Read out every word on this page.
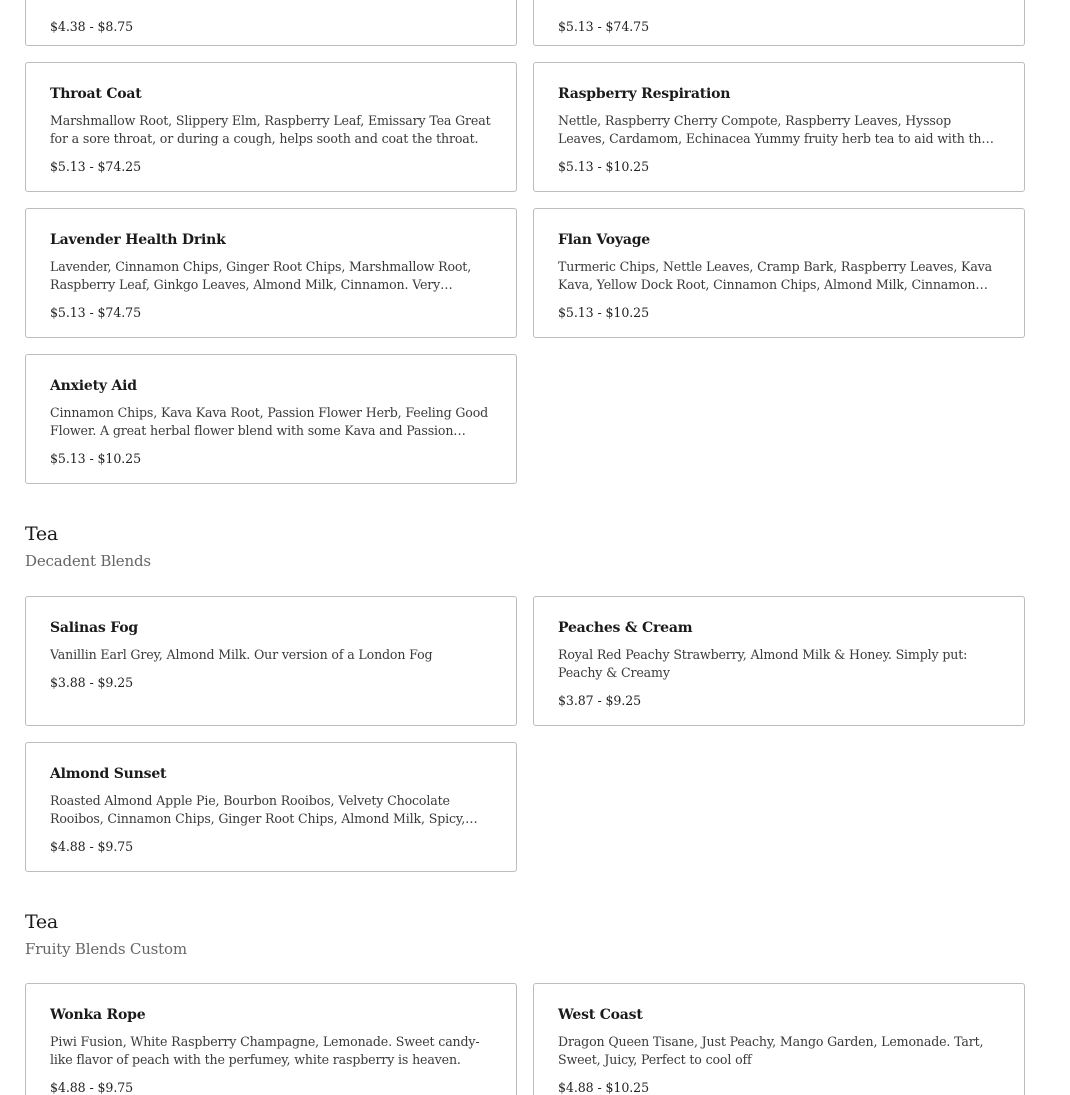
$4.38 - $8.75	$5.13 - $74.75
Throat Coat
Marshmallow Root, Slippery Elm, Raspberry Leaf, Emissary Tea Great for a sore throat, or during a cough, helps sooth and coat the throat.
$5.13 - $74.25
Raspberry Respiration
Nettle, Raspberry Cherry Compote, Raspberry Leaves, Hyssop Leaves, Cardamom, Echinacea Yummy fruity herb tea to aid with the
$5.13 - $10.25
Lavender Health Drink
Lavender, Cinnamon Chips, Ginger Root Chips, Marshmallow Root, Raspberry Leaf, Ginkgo Leaves, Almond Milk, Cinnamon. Very
$5.13 - $74.75
Flan Voyage
Turmeric Chips, Nettle Leaves, Cramp Bark, Raspberry Leaves, Kava Kava, Yellow Dock Root, Cinnamon Chips, Almond Milk, Cinnamon
$5.13 - $10.25
Anxiety Aid
Cinnamon Chips, Kava Kava Root, Passion Flower Herb, Feeling Good Flower. A great herbal flower blend with some Kava and Passion
$5.13 - $10.25
Tea
Decadent Blends
Salinas Fog
Vanillin Earl Grey, Almond Milk. Our version of a London Fog
$3.88 - $9.25
Peaches & Cream
Royal Red Peachy Strawberry, Almond Milk & Honey. Simply put: Peachy & Creamy
$3.87 - $9.25
Almond Sunset
Roasted Almond Apple Pie, Bourbon Rooibos, Velvety Chocolate Rooibos, Cinnamon Chips, Ginger Root Chips, Almond Milk, Spicy,
$4.88 - $9.75
Tea
Fruity Blends Custom
Wonka Rope
Piwi Fusion, White Raspberry Champagne, Lemonade. Sweet candy-like flavor of peach with the perfumey, white raspberry is heaven.
$4.88 - $9.75
West Coast
Dragon Queen Tisane, Just Peachy, Mango Garden, Lemonade. Tart, Sweet, Juicy, Perfect to cool off
$4.88 - $10.25
